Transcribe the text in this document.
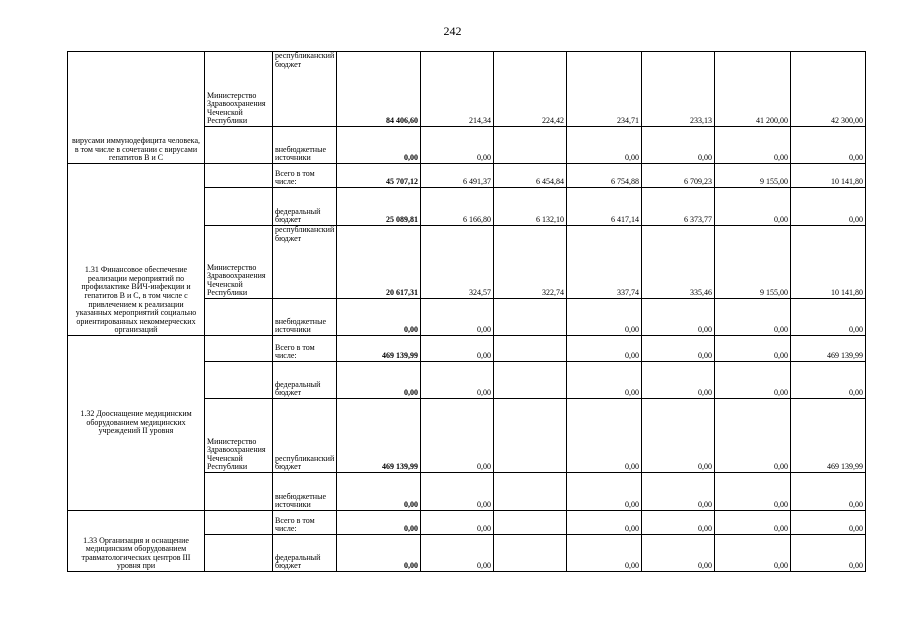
242
вирусами иммунодефицита человека, в том числе в сочетании с вирусами гепатитов В и С	Министерство Здравоохранения Чеченской Республики	республиканский бюджет	84 406,60	214,34	224,42	234,71	233,13	41 200,00	42 300,00
		внебюджетные источники	0,00	0,00		0,00	0,00	0,00	0,00
1.31 Финансовое обеспечение реализации мероприятий по профилактике ВИЧ-инфекции и гепатитов В и С, в том числе с привлечением к реализации указанных мероприятий социально ориентированных некоммерческих организаций		Всего в том числе:	45 707,12	6 491,37	6 454,84	6 754,88	6 709,23	9 155,00	10 141,80
		федеральный бюджет	25 089,81	6 166,80	6 132,10	6 417,14	6 373,77	0,00	0,00
	Министерство Здравоохранения Чеченской Республики	республиканский бюджет	20 617,31	324,57	322,74	337,74	335,46	9 155,00	10 141,80
		внебюджетные источники	0,00	0,00		0,00	0,00	0,00	0,00
1.32 Дооснащение медицинским оборудованием медицинских учреждений II уровня		Всего в том числе:	469 139,99	0,00		0,00	0,00	0,00	469 139,99
		федеральный бюджет	0,00	0,00		0,00	0,00	0,00	0,00
	Министерство Здравоохранения Чеченской Республики	республиканский бюджет	469 139,99	0,00		0,00	0,00	0,00	469 139,99
		внебюджетные источники	0,00	0,00		0,00	0,00	0,00	0,00
1.33 Организация и оснащение медицинским оборудованием травматологических центров III уровня при		Всего в том числе:	0,00	0,00		0,00	0,00	0,00	0,00
		федеральный бюджет	0,00	0,00		0,00	0,00	0,00	0,00
